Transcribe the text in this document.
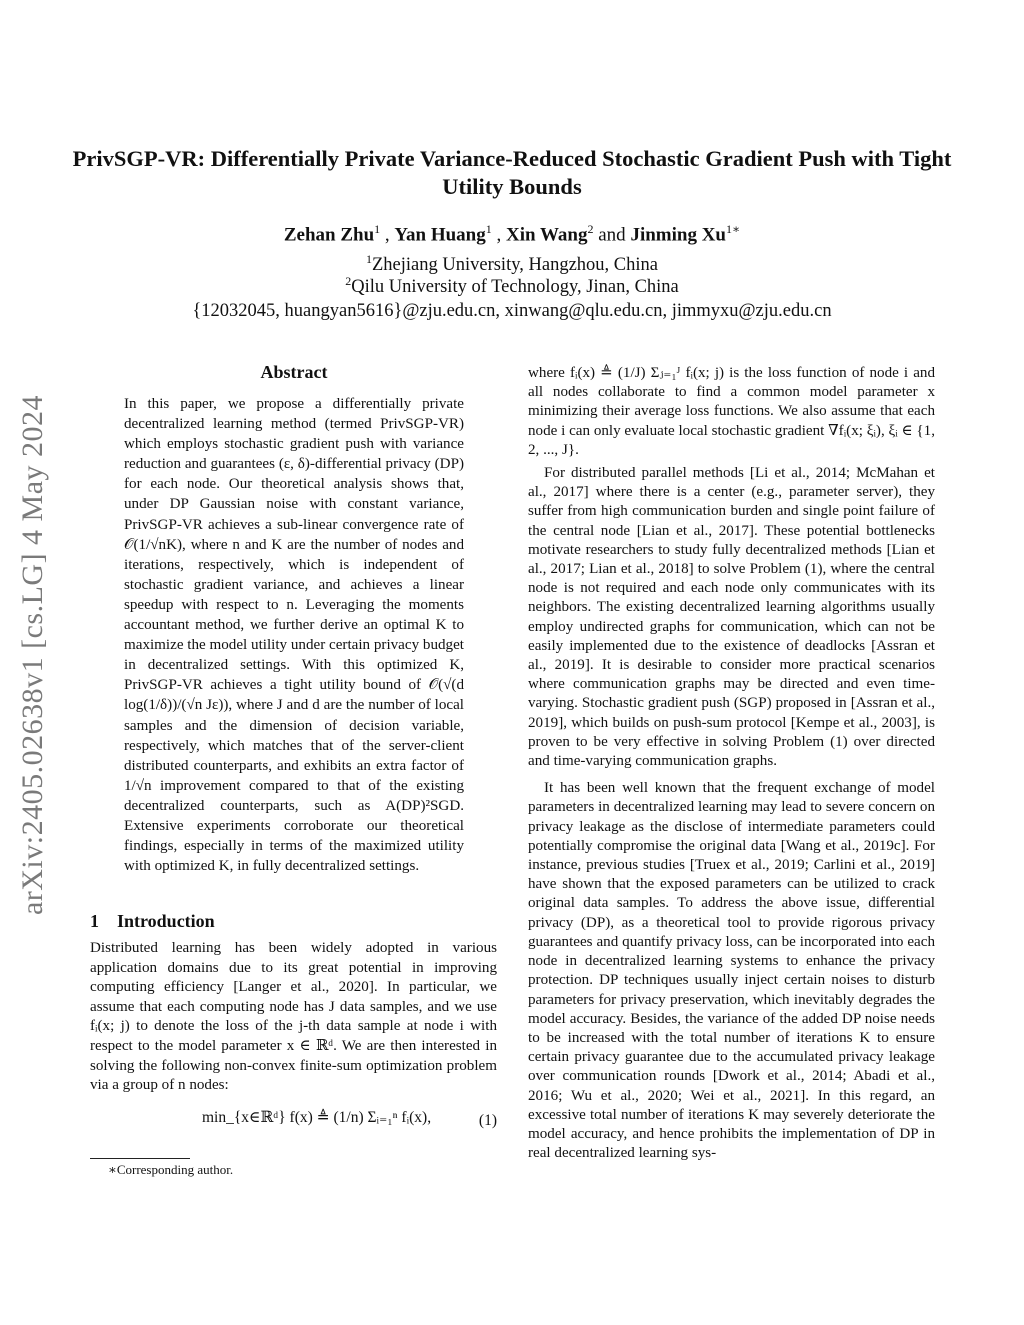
arXiv:2405.02638v1 [cs.LG] 4 May 2024
PrivSGP-VR: Differentially Private Variance-Reduced Stochastic Gradient Push with Tight Utility Bounds
Zehan Zhu$^1$ , Yan Huang$^1$ , Xin Wang$^2$ and Jinming $Xu^{1∗}$
$^1$Zhejiang University, Hangzhou, China
$^2$Qilu University of Technology, Jinan, China
{12032045, huangyan5616}@zju.edu.cn, xinwang@qlu.edu.cn, jimmyxu@zju.edu.cn
Abstract
In this paper, we propose a differentially private decentralized learning method (termed PrivSGP-VR) which employs stochastic gradient push with variance reduction and guarantees (ε, δ)-differential privacy (DP) for each node. Our theoretical analysis shows that, under DP Gaussian noise with constant variance, PrivSGP-VR achieves a sub-linear convergence rate of 𝒪(1/√nK), where n and K are the number of nodes and iterations, respectively, which is independent of stochastic gradient variance, and achieves a linear speedup with respect to n. Leveraging the moments accountant method, we further derive an optimal K to maximize the model utility under certain privacy budget in decentralized settings. With this optimized K, PrivSGP-VR achieves a tight utility bound of 𝒪(√(d log(1/δ))/(√n Jε)), where J and d are the number of local samples and the dimension of decision variable, respectively, which matches that of the server-client distributed counterparts, and exhibits an extra factor of 1/√n improvement compared to that of the existing decentralized counterparts, such as A(DP)²SGD. Extensive experiments corroborate our theoretical findings, especially in terms of the maximized utility with optimized K, in fully decentralized settings.
1 Introduction
Distributed learning has been widely adopted in various application domains due to its great potential in improving computing efficiency [Langer et al., 2020]. In particular, we assume that each computing node has J data samples, and we use fᵢ(x; j) to denote the loss of the j-th data sample at node i with respect to the model parameter x ∈ ℝᵈ. We are then interested in solving the following non-convex finite-sum optimization problem via a group of n nodes:
min_{x∈ℝᵈ} f(x) ≜ (1/n) Σᵢ₌₁ⁿ fᵢ(x),	(1)
∗Corresponding author.

where fᵢ(x) ≜ (1/J) Σⱼ₌₁ᴶ fᵢ(x; j) is the loss function of node i and all nodes collaborate to find a common model parameter x minimizing their average loss functions. We also assume that each node i can only evaluate local stochastic gradient ∇fᵢ(x; ξᵢ), ξᵢ ∈ {1, 2, ..., J}.

For distributed parallel methods [Li et al., 2014; McMahan et al., 2017] where there is a center (e.g., parameter server), they suffer from high communication burden and single point failure of the central node [Lian et al., 2017]. These potential bottlenecks motivate researchers to study fully decentralized methods [Lian et al., 2017; Lian et al., 2018] to solve Problem (1), where the central node is not required and each node only communicates with its neighbors. The existing decentralized learning algorithms usually employ undirected graphs for communication, which can not be easily implemented due to the existence of deadlocks [Assran et al., 2019]. It is desirable to consider more practical scenarios where communication graphs may be directed and even time-varying. Stochastic gradient push (SGP) proposed in [Assran et al., 2019], which builds on push-sum protocol [Kempe et al., 2003], is proven to be very effective in solving Problem (1) over directed and time-varying communication graphs.

It has been well known that the frequent exchange of model parameters in decentralized learning may lead to severe concern on privacy leakage as the disclose of intermediate parameters could potentially compromise the original data [Wang et al., 2019c]. For instance, previous studies [Truex et al., 2019; Carlini et al., 2019] have shown that the exposed parameters can be utilized to crack original data samples. To address the above issue, differential privacy (DP), as a theoretical tool to provide rigorous privacy guarantees and quantify privacy loss, can be incorporated into each node in decentralized learning systems to enhance the privacy protection. DP techniques usually inject certain noises to disturb parameters for privacy preservation, which inevitably degrades the model accuracy. Besides, the variance of the added DP noise needs to be increased with the total number of iterations K to ensure certain privacy guarantee due to the accumulated privacy leakage over communication rounds [Dwork et al., 2014; Abadi et al., 2016; Wu et al., 2020; Wei et al., 2021]. In this regard, an excessive total number of iterations K may severely deteriorate the model accuracy, and hence prohibits the implementation of DP in real decentralized learning sys-
